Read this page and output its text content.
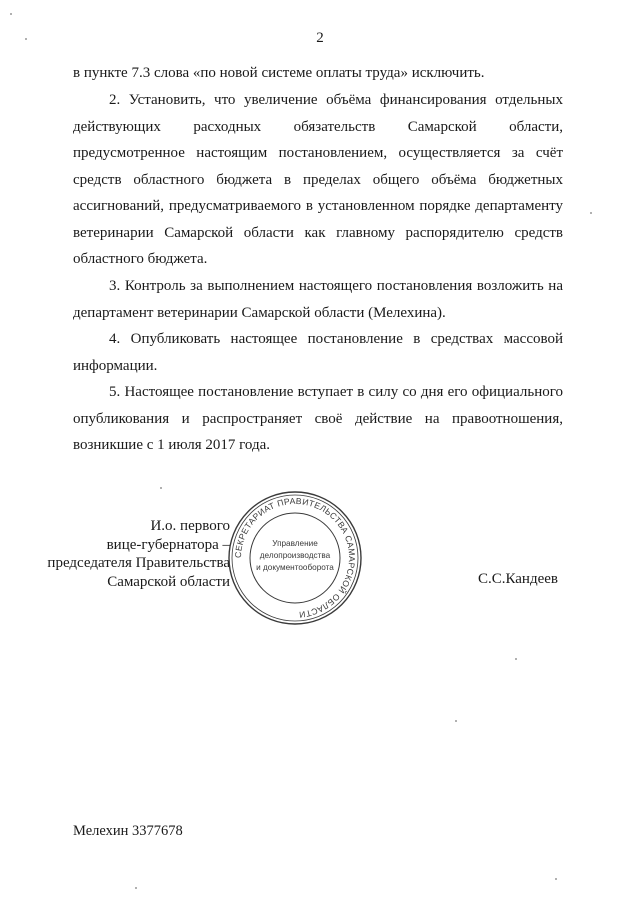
2

в пункте 7.3 слова «по новой системе оплаты труда» исключить.

2. Установить, что увеличение объёма финансирования отдельных действующих расходных обязательств Самарской области, предусмотренное настоящим постановлением, осуществляется за счёт средств областного бюджета в пределах общего объёма бюджетных ассигнований, предусматриваемого в установленном порядке департаменту ветеринарии Самарской области как главному распорядителю средств областного бюджета.

3. Контроль за выполнением настоящего постановления возложить на департамент ветеринарии Самарской области (Мелехина).

4. Опубликовать настоящее постановление в средствах массовой информации.

5. Настоящее постановление вступает в силу со дня его официального опубликования и распространяет своё действие на правоотношения, возникшие с 1 июля 2017 года.

И.о. первого
вице-губернатора –
председателя Правительства
Самарской области
СЕКРЕТАРИАТ ПРАВИТЕЛЬСТВА САМАРСКОЙ ОБЛАСТИ
Управление
делопроизводства
и документооборота
С.С.Кандеев
Мелехин 3377678
